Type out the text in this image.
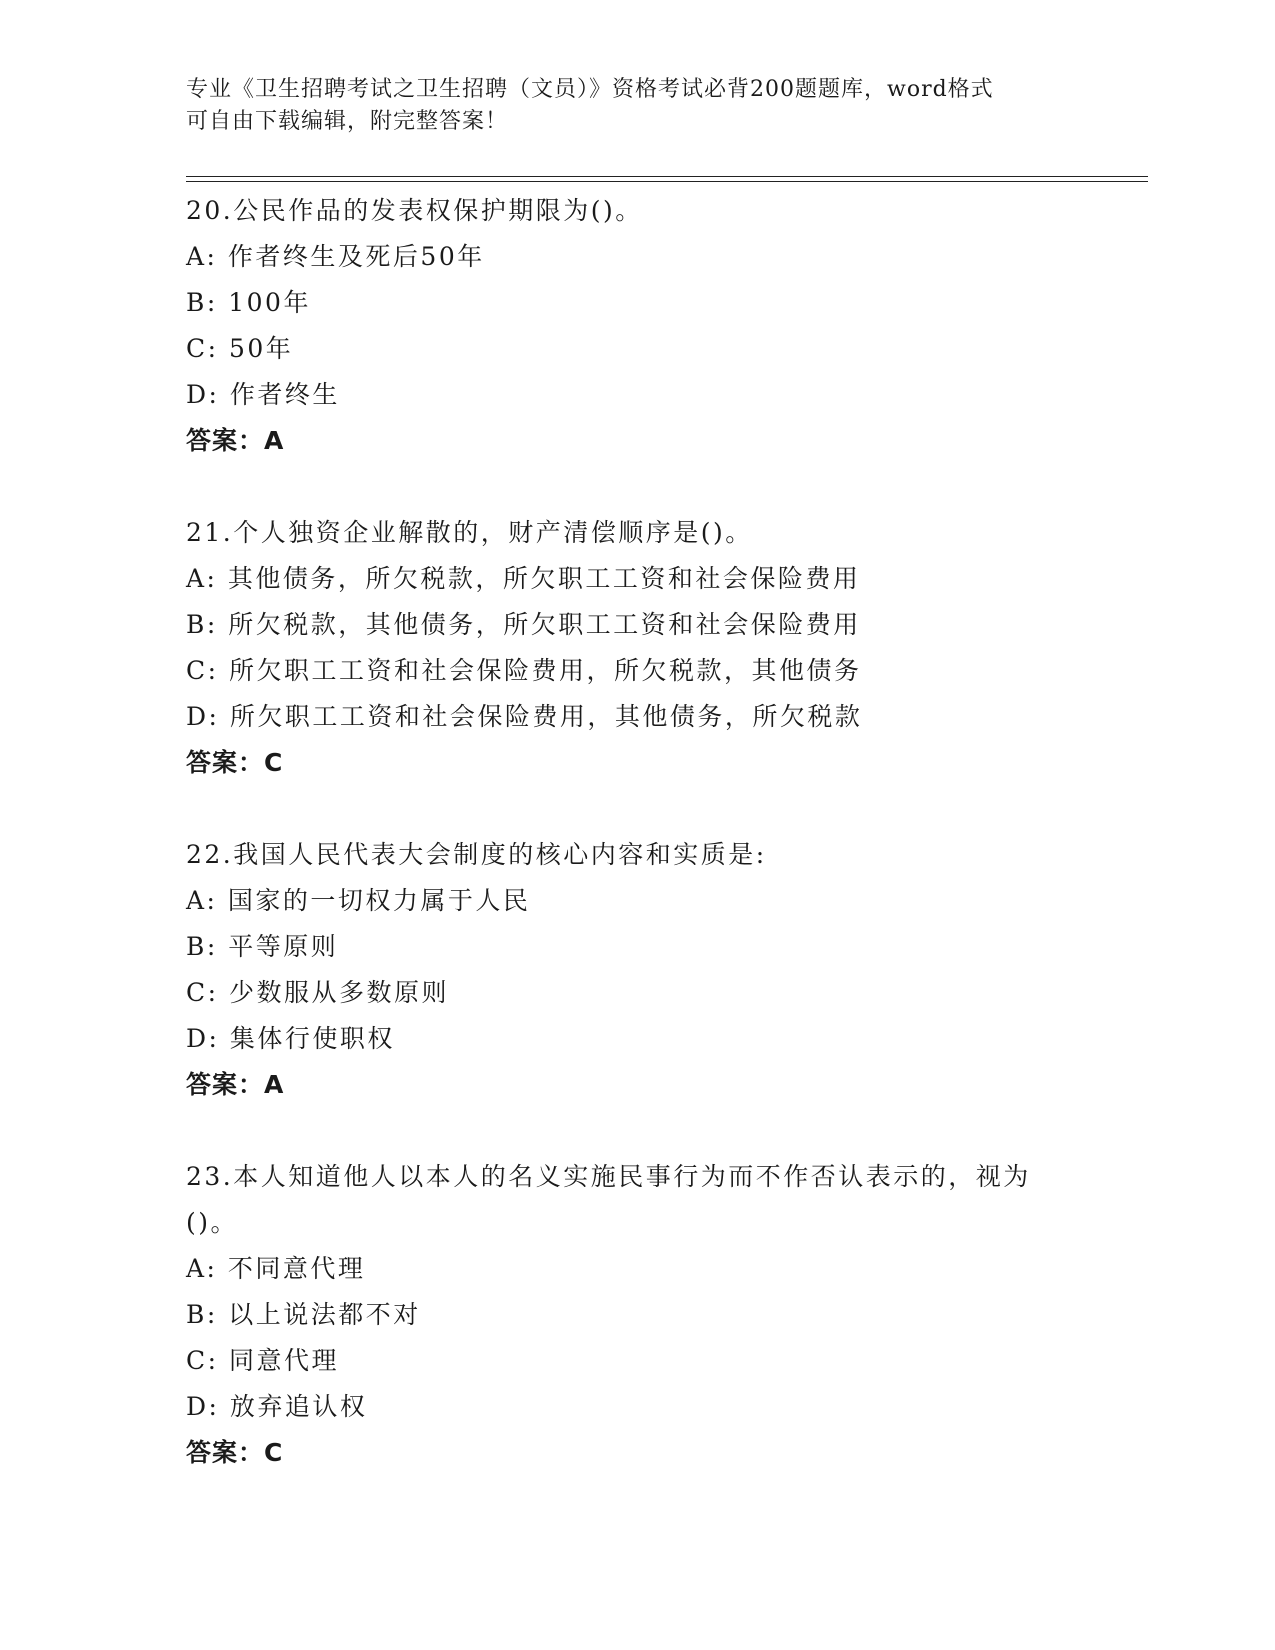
专业《卫生招聘考试之卫生招聘（文员）》资格考试必背200题题库，word格式
可自由下载编辑，附完整答案！
20.公民作品的发表权保护期限为()。
A: 作者终生及死后50年
B: 100年
C: 50年
D: 作者终生
答案：A
21.个人独资企业解散的，财产清偿顺序是()。
A: 其他债务，所欠税款，所欠职工工资和社会保险费用
B: 所欠税款，其他债务，所欠职工工资和社会保险费用
C: 所欠职工工资和社会保险费用，所欠税款，其他债务
D: 所欠职工工资和社会保险费用，其他债务，所欠税款
答案：C
22.我国人民代表大会制度的核心内容和实质是:
A: 国家的一切权力属于人民
B: 平等原则
C: 少数服从多数原则
D: 集体行使职权
答案：A
23.本人知道他人以本人的名义实施民事行为而不作否认表示的，视为
()。
A: 不同意代理
B: 以上说法都不对
C: 同意代理
D: 放弃追认权
答案：C
